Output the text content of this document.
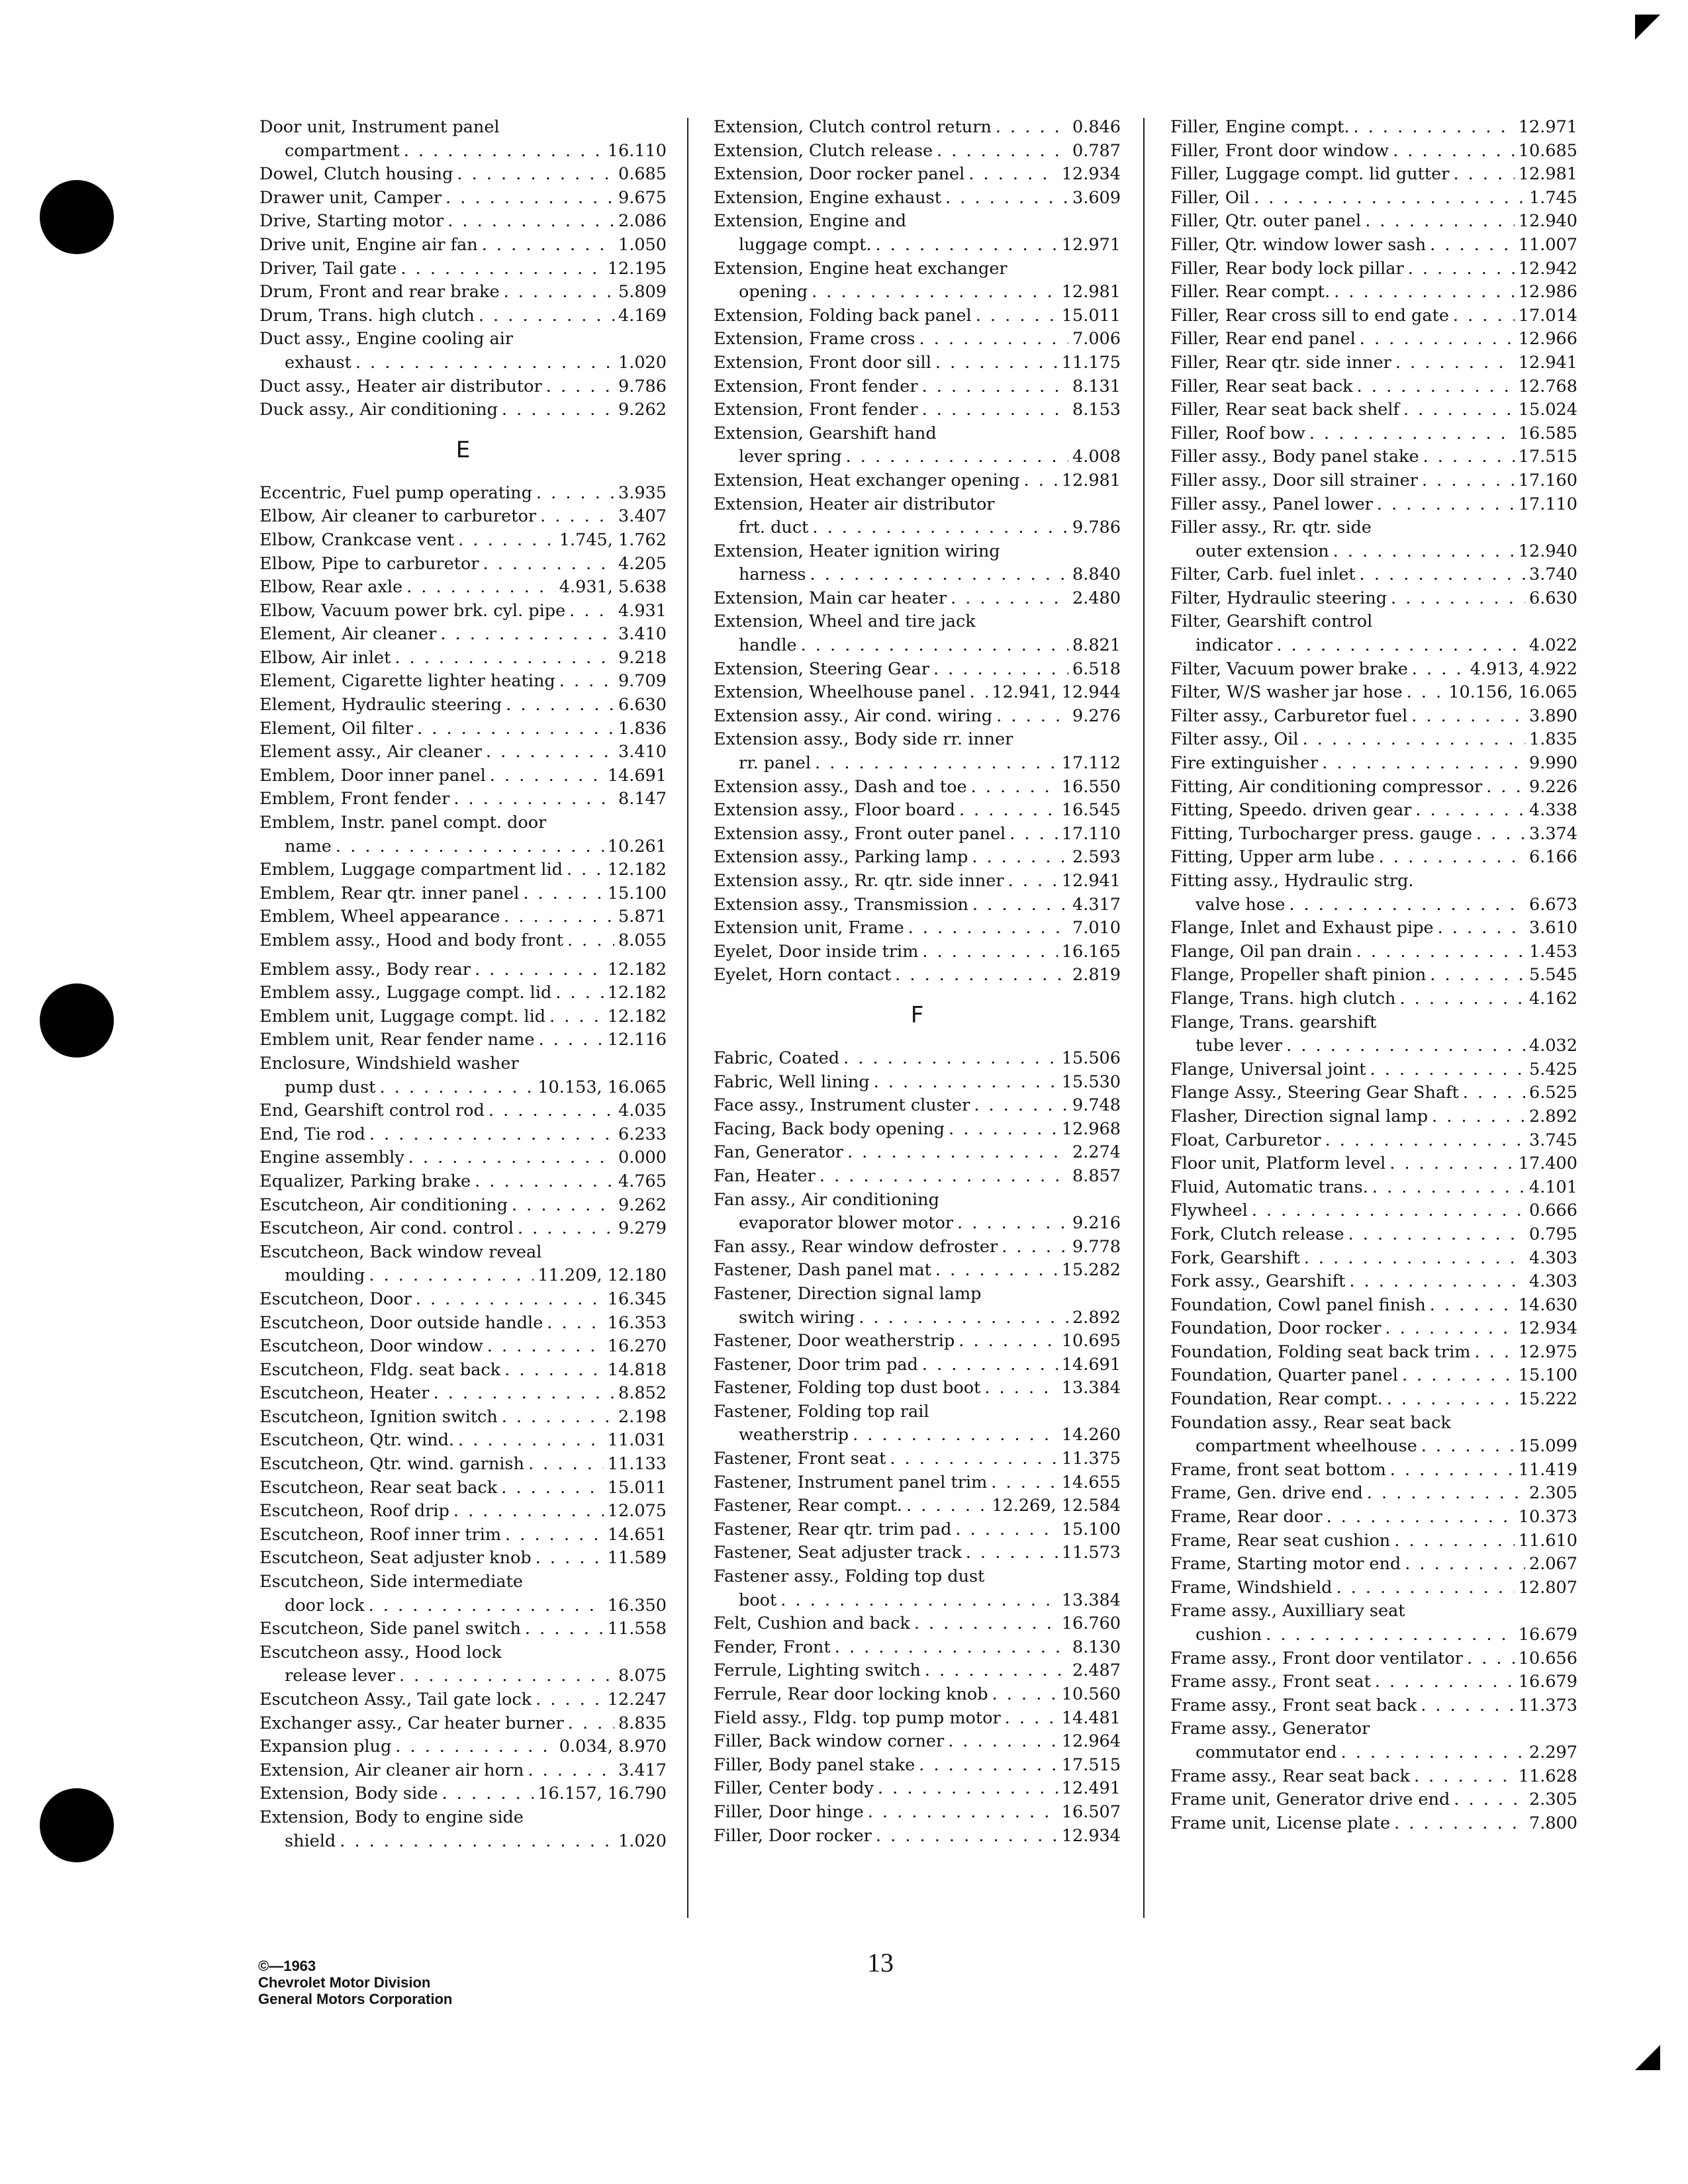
Door unit, Instrument panel
compartment . . .	16.110
Dowel, Clutch housing . . .	0.685
Drawer unit, Camper . . .	9.675
Drive, Starting motor . . .	2.086
Drive unit, Engine air fan . . .	1.050
Driver, Tail gate . . .	12.195
Drum, Front and rear brake . . .	5.809
Drum, Trans. high clutch . . .	4.169
Duct assy., Engine cooling air
exhaust . . .	1.020
Duct assy., Heater air distributor . . .	9.786
Duck assy., Air conditioning . . .	9.262
E
Eccentric, Fuel pump operating . . .	3.935
Elbow, Air cleaner to carburetor . . .	3.407
Elbow, Crankcase vent . . .	1.745, 1.762
Elbow, Pipe to carburetor . . .	4.205
Elbow, Rear axle . . .	4.931, 5.638
Elbow, Vacuum power brk. cyl. pipe . . .	4.931
Element, Air cleaner . . .	3.410
Elbow, Air inlet . . .	9.218
Element, Cigarette lighter heating . . .	9.709
Element, Hydraulic steering . . .	6.630
Element, Oil filter . . .	1.836
Element assy., Air cleaner . . .	3.410
Emblem, Door inner panel . . .	14.691
Emblem, Front fender . . .	8.147
Emblem, Instr. panel compt. door
name . . .	10.261
Emblem, Luggage compartment lid . . .	12.182
Emblem, Rear qtr. inner panel . . .	15.100
Emblem, Wheel appearance . . .	5.871
Emblem assy., Hood and body front . . .	8.055
Emblem assy., Body rear . . .	12.182
Emblem assy., Luggage compt. lid . . .	12.182
Emblem unit, Luggage compt. lid . . .	12.182
Emblem unit, Rear fender name . . .	12.116
Enclosure, Windshield washer
pump dust . . .	10.153, 16.065
End, Gearshift control rod . . .	4.035
End, Tie rod . . .	6.233
Engine assembly . . .	0.000
Equalizer, Parking brake . . .	4.765
Escutcheon, Air conditioning . . .	9.262
Escutcheon, Air cond. control . . .	9.279
Escutcheon, Back window reveal
moulding . . .	11.209, 12.180
Escutcheon, Door . . .	16.345
Escutcheon, Door outside handle . . .	16.353
Escutcheon, Door window . . .	16.270
Escutcheon, Fldg. seat back . . .	14.818
Escutcheon, Heater . . .	8.852
Escutcheon, Ignition switch . . .	2.198
Escutcheon, Qtr. wind. . . .	11.031
Escutcheon, Qtr. wind. garnish . . .	11.133
Escutcheon, Rear seat back . . .	15.011
Escutcheon, Roof drip . . .	12.075
Escutcheon, Roof inner trim . . .	14.651
Escutcheon, Seat adjuster knob . . .	11.589
Escutcheon, Side intermediate
door lock . . .	16.350
Escutcheon, Side panel switch . . .	11.558
Escutcheon assy., Hood lock
release lever . . .	8.075
Escutcheon Assy., Tail gate lock . . .	12.247
Exchanger assy., Car heater burner . . .	8.835
Expansion plug . . .	0.034, 8.970
Extension, Air cleaner air horn . . .	3.417
Extension, Body side . . .	16.157, 16.790
Extension, Body to engine side
shield . . .	1.020
Extension, Clutch control return . . .	0.846
Extension, Clutch release . . .	0.787
Extension, Door rocker panel . . .	12.934
Extension, Engine exhaust . . .	3.609
Extension, Engine and
luggage compt. . . .	12.971
Extension, Engine heat exchanger
opening . . .	12.981
Extension, Folding back panel . . .	15.011
Extension, Frame cross . . .	7.006
Extension, Front door sill . . .	11.175
Extension, Front fender . . .	8.131
Extension, Front fender . . .	8.153
Extension, Gearshift hand
lever spring . . .	4.008
Extension, Heat exchanger opening . . . 12.981
Extension, Heater air distributor
frt. duct . . .	9.786
Extension, Heater ignition wiring
harness . . .	8.840
Extension, Main car heater . . .	2.480
Extension, Wheel and tire jack
handle . . .	8.821
Extension, Steering Gear . . .	6.518
Extension, Wheelhouse panel . . . 12.941, 12.944
Extension assy., Air cond. wiring . . .	9.276
Extension assy., Body side rr. inner
rr. panel . . .	17.112
Extension assy., Dash and toe . . .	16.550
Extension assy., Floor board . . .	16.545
Extension assy., Front outer panel . . .	17.110
Extension assy., Parking lamp . . .	2.593
Extension assy., Rr. qtr. side inner . . .	12.941
Extension assy., Transmission . . .	4.317
Extension unit, Frame . . .	7.010
Eyelet, Door inside trim . . .	16.165
Eyelet, Horn contact . . .	2.819
F
Fabric, Coated . . .	15.506
Fabric, Well lining . . .	15.530
Face assy., Instrument cluster . . .	9.748
Facing, Back body opening . . .	12.968
Fan, Generator . . .	2.274
Fan, Heater . . .	8.857
Fan assy., Air conditioning
evaporator blower motor . . .	9.216
Fan assy., Rear window defroster . . .	9.778
Fastener, Dash panel mat . . .	15.282
Fastener, Direction signal lamp
switch wiring . . .	2.892
Fastener, Door weatherstrip . . .	10.695
Fastener, Door trim pad . . .	14.691
Fastener, Folding top dust boot . . .	13.384
Fastener, Folding top rail
weatherstrip . . .	14.260
Fastener, Front seat . . .	11.375
Fastener, Instrument panel trim . . .	14.655
Fastener, Rear compt. . . .	12.269, 12.584
Fastener, Rear qtr. trim pad . . .	15.100
Fastener, Seat adjuster track . . .	11.573
Fastener assy., Folding top dust
boot . . .	13.384
Felt, Cushion and back . . .	16.760
Fender, Front . . .	8.130
Ferrule, Lighting switch . . .	2.487
Ferrule, Rear door locking knob . . .	10.560
Field assy., Fldg. top pump motor . . .	14.481
Filler, Back window corner . . .	12.964
Filler, Body panel stake . . .	17.515
Filler, Center body . . .	12.491
Filler, Door hinge . . .	16.507
Filler, Door rocker . . .	12.934
Filler, Engine compt. . . .	12.971
Filler, Front door window . . .	10.685
Filler, Luggage compt. lid gutter . . .	12.981
Filler, Oil . . .	1.745
Filler, Qtr. outer panel . . .	12.940
Filler, Qtr. window lower sash . . .	11.007
Filler, Rear body lock pillar . . .	12.942
Filler. Rear compt. . . .	12.986
Filler, Rear cross sill to end gate . . .	17.014
Filler, Rear end panel . . .	12.966
Filler, Rear qtr. side inner . . .	12.941
Filler, Rear seat back . . .	12.768
Filler, Rear seat back shelf . . .	15.024
Filler, Roof bow . . .	16.585
Filler assy., Body panel stake . . .	17.515
Filler assy., Door sill strainer . . .	17.160
Filler assy., Panel lower . . .	17.110
Filler assy., Rr. qtr. side
outer extension . . .	12.940
Filter, Carb. fuel inlet . . .	3.740
Filter, Hydraulic steering . . .	6.630
Filter, Gearshift control
indicator . . .	4.022
Filter, Vacuum power brake . . .	4.913, 4.922
Filter, W/S washer jar hose . . .	10.156, 16.065
Filter assy., Carburetor fuel . . .	3.890
Filter assy., Oil . . .	1.835
Fire extinguisher . . .	9.990
Fitting, Air conditioning compressor . . .	9.226
Fitting, Speedo. driven gear . . .	4.338
Fitting, Turbocharger press. gauge . . .	3.374
Fitting, Upper arm lube . . .	6.166
Fitting assy., Hydraulic strg.
valve hose . . .	6.673
Flange, Inlet and Exhaust pipe . . .	3.610
Flange, Oil pan drain . . .	1.453
Flange, Propeller shaft pinion . . .	5.545
Flange, Trans. high clutch . . .	4.162
Flange, Trans. gearshift
tube lever . . .	4.032
Flange, Universal joint . . .	5.425
Flange Assy., Steering Gear Shaft . . .	6.525
Flasher, Direction signal lamp . . .	2.892
Float, Carburetor . . .	3.745
Floor unit, Platform level . . .	17.400
Fluid, Automatic trans. . . .	4.101
Flywheel . . .	0.666
Fork, Clutch release . . .	0.795
Fork, Gearshift . . .	4.303
Fork assy., Gearshift . . .	4.303
Foundation, Cowl panel finish . . .	14.630
Foundation, Door rocker . . .	12.934
Foundation, Folding seat back trim . . .	12.975
Foundation, Quarter panel . . .	15.100
Foundation, Rear compt. . . .	15.222
Foundation assy., Rear seat back
compartment wheelhouse . . .	15.099
Frame, front seat bottom . . .	11.419
Frame, Gen. drive end . . .	2.305
Frame, Rear door . . .	10.373
Frame, Rear seat cushion . . .	11.610
Frame, Starting motor end . . .	2.067
Frame, Windshield . . .	12.807
Frame assy., Auxilliary seat
cushion . . .	16.679
Frame assy., Front door ventilator . . .	10.656
Frame assy., Front seat . . .	16.679
Frame assy., Front seat back . . .	11.373
Frame assy., Generator
commutator end . . .	2.297
Frame assy., Rear seat back . . .	11.628
Frame unit, Generator drive end . . .	2.305
Frame unit, License plate . . .	7.800
©—1963
Chevrolet Motor Division
General Motors Corporation
13
